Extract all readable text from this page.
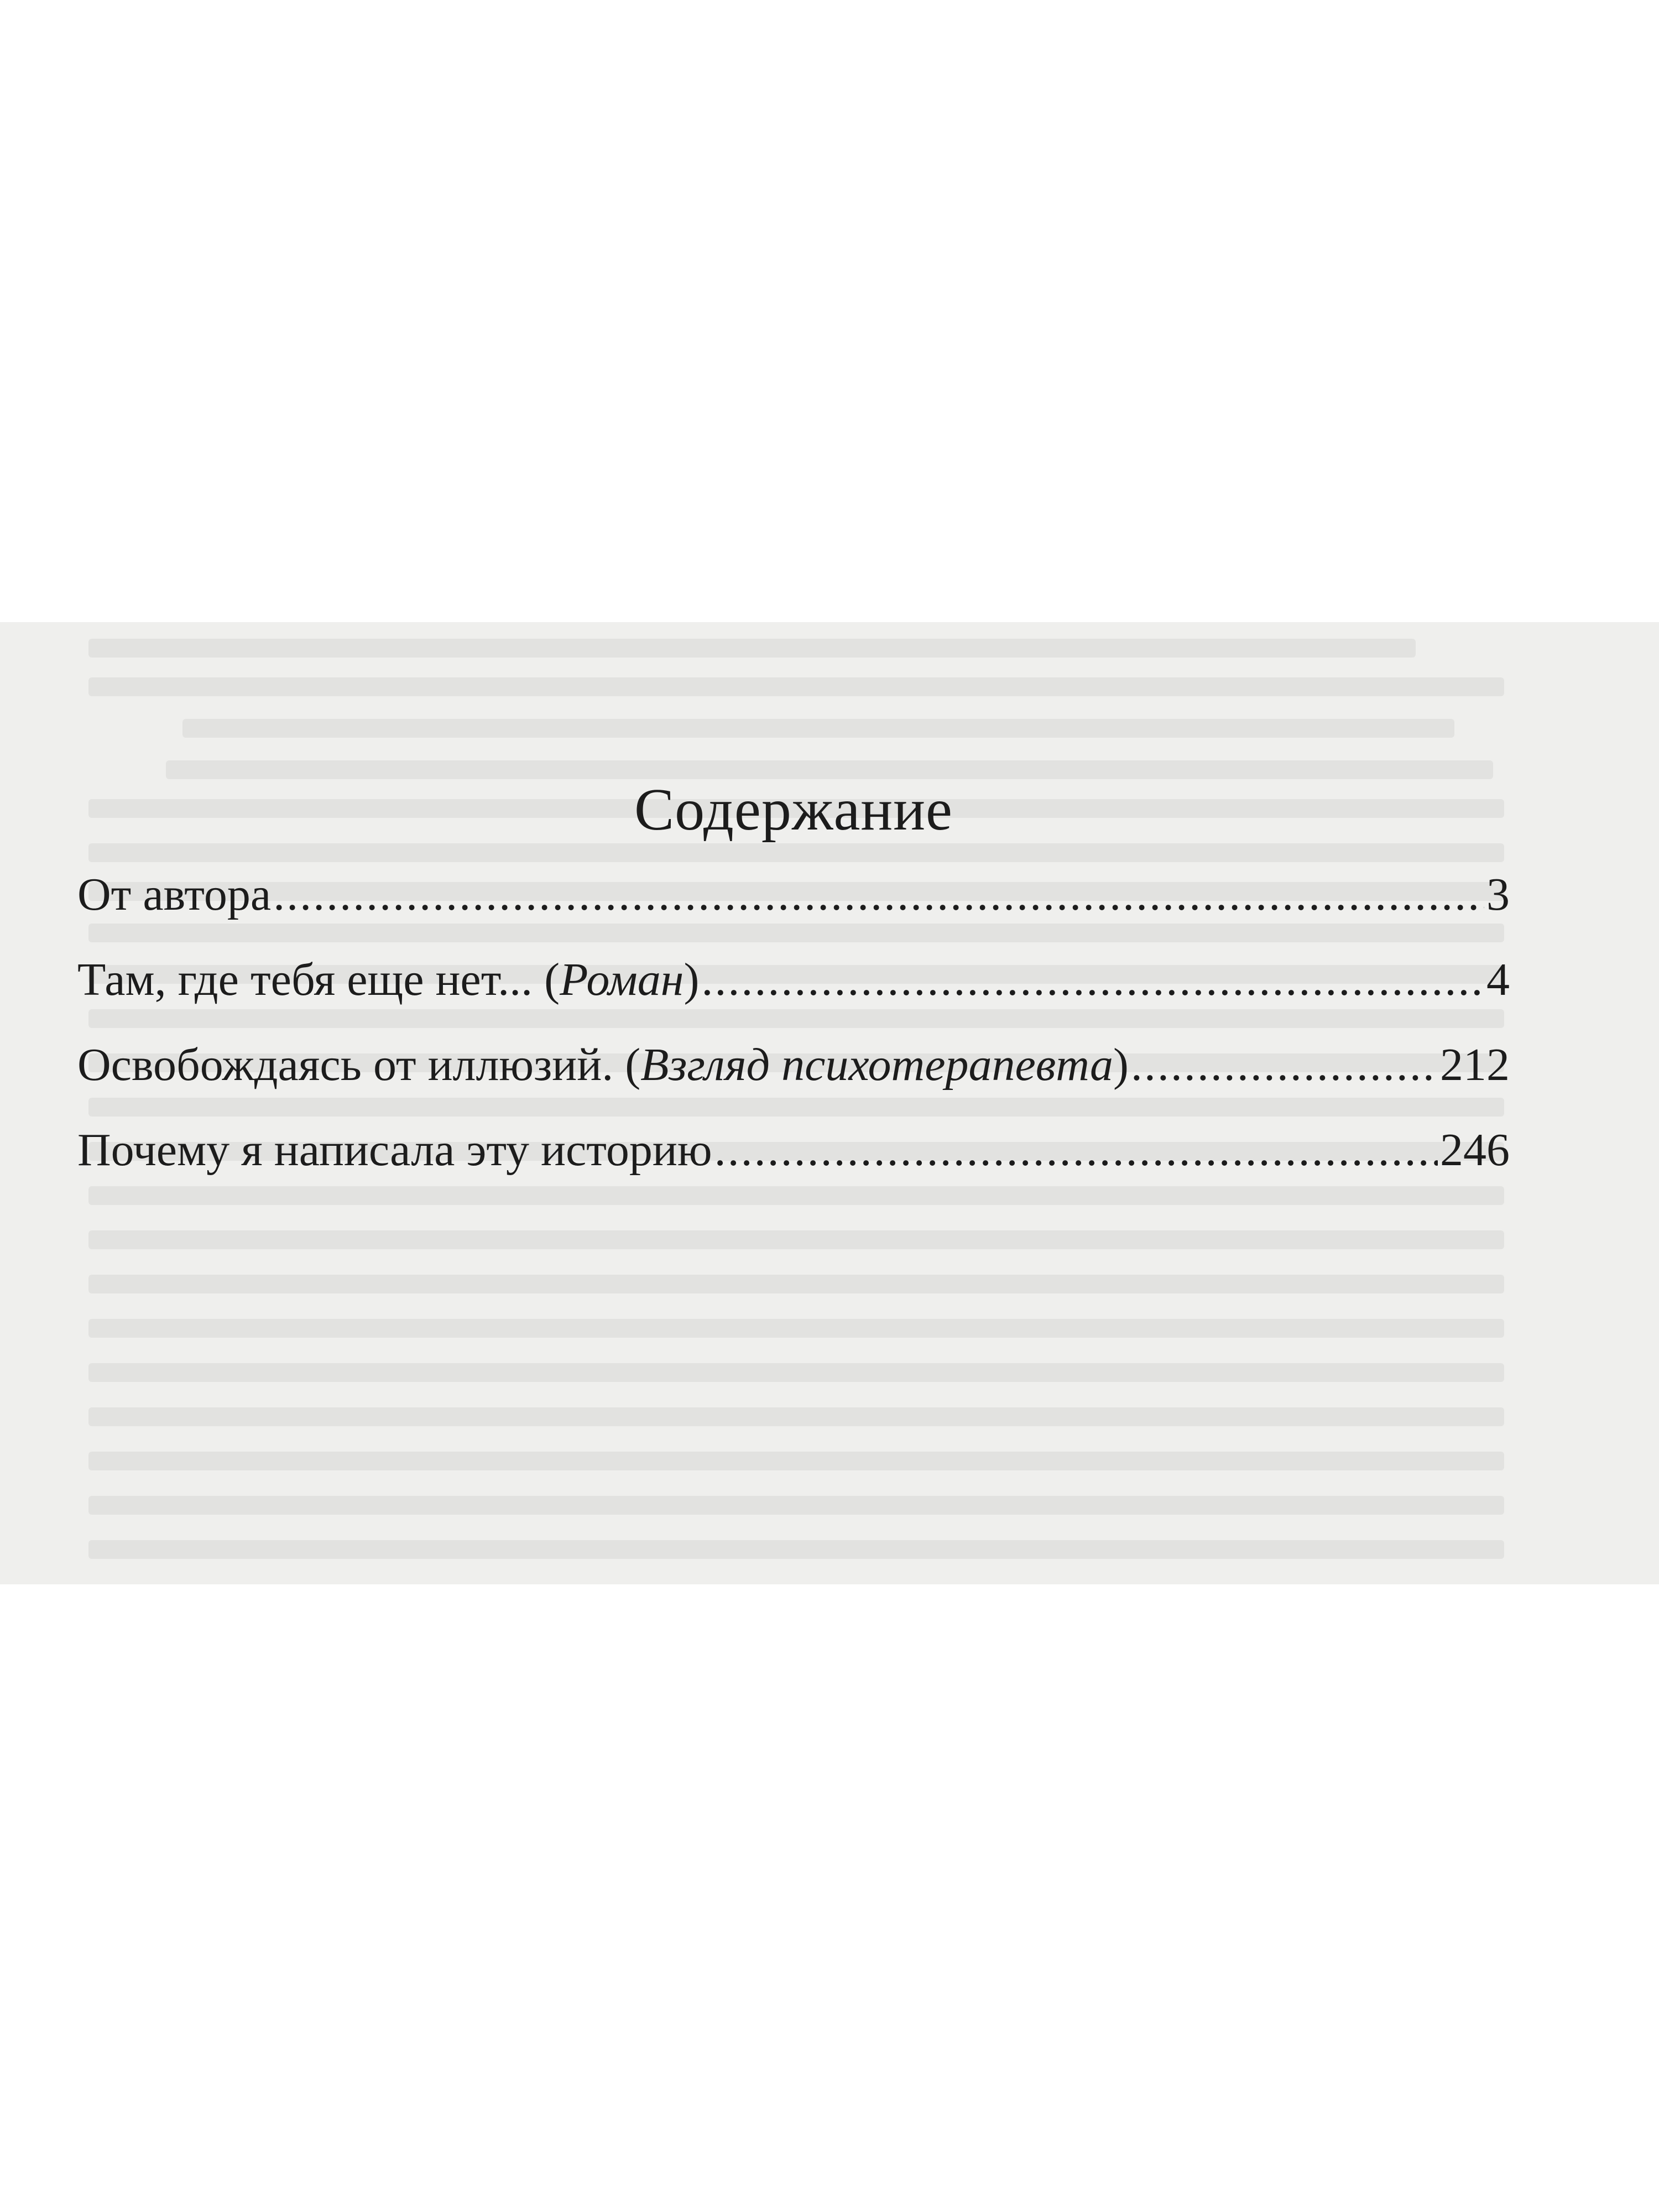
Содержание
От автора .....	3
Там, где тебя еще нет... (Роман) .....	4
Освобождаясь от иллюзий. (Взгляд психотерапевта) .....	212
Почему я написала эту историю .....	246
